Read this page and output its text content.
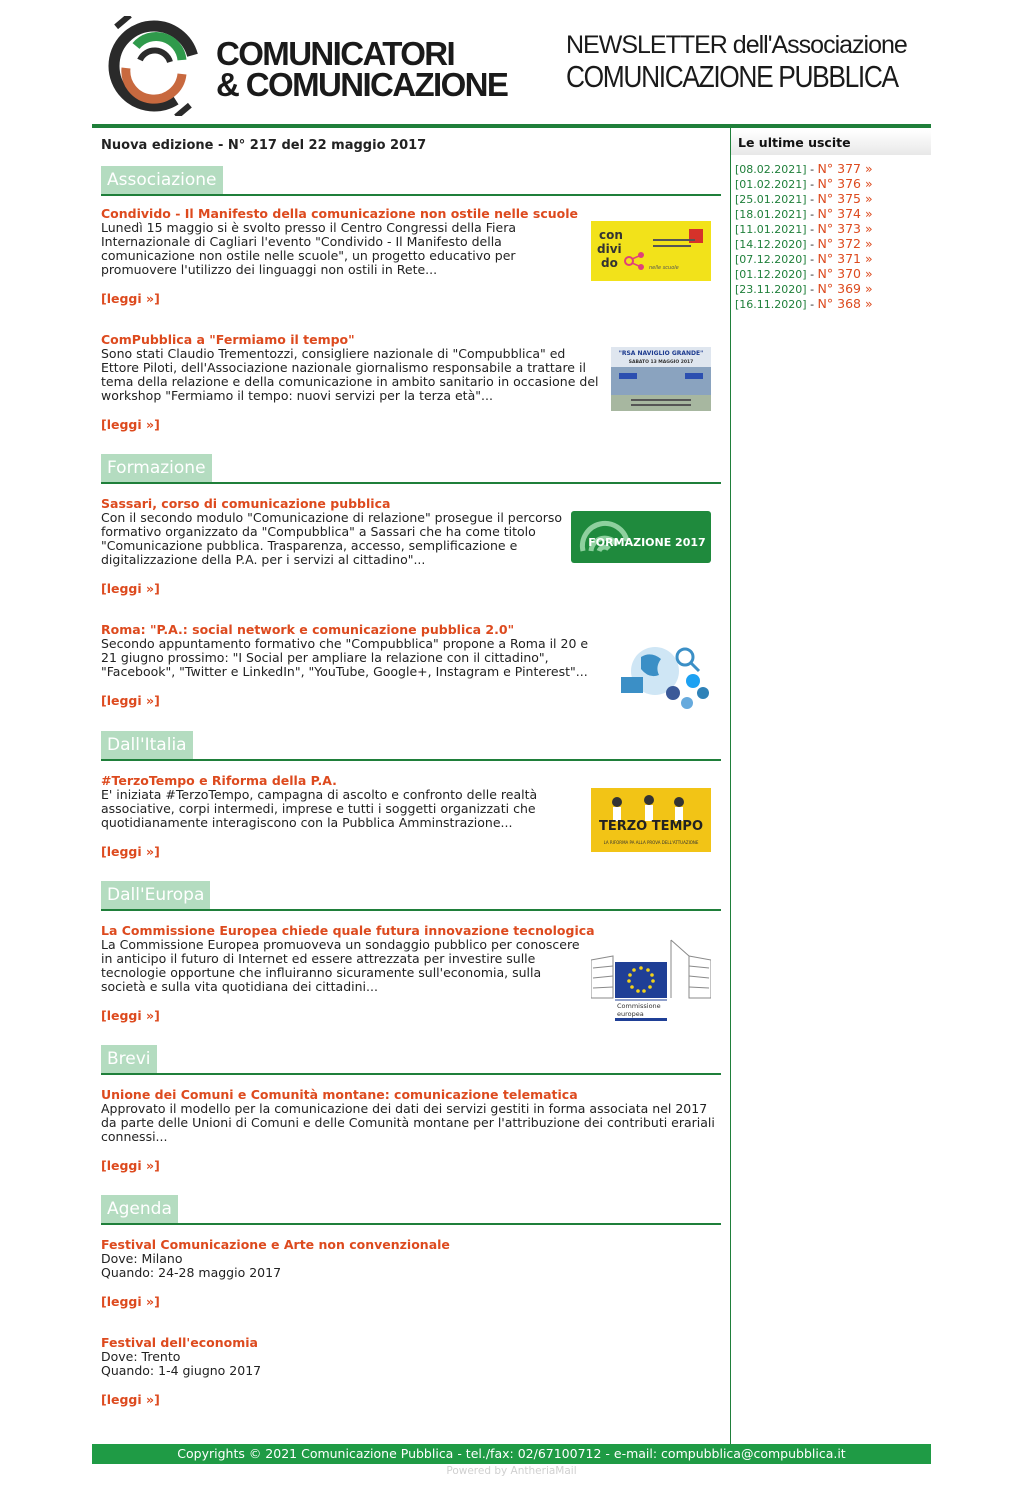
COMUNICATORI
& COMUNICAZIONE
NEWSLETTER dell'Associazione
COMUNICAZIONE PUBBLICA
Nuova edizione - N° 217 del 22 maggio 2017
Associazione
Condivido - Il Manifesto della comunicazione non ostile nelle scuole
Lunedì 15 maggio si è svolto presso il Centro Congressi della Fiera Internazionale di Cagliari l'evento "Condivido - Il Manifesto della comunicazione non ostile nelle scuole", un progetto educativo per promuovere l'utilizzo dei linguaggi non ostili in Rete...
[leggi »]
con
divi
do	nelle scuole
ComPubblica a "Fermiamo il tempo"
Sono stati Claudio Trementozzi, consigliere nazionale di "Compubblica" ed Ettore Piloti, dell'Associazione nazionale giornalismo responsabile a trattare il tema della relazione e della comunicazione in ambito sanitario in occasione del workshop "Fermiamo il tempo: nuovi servizi per la terza età"...
[leggi »]
"RSA NAVIGLIO GRANDE"
SABATO 13 MAGGIO 2017
Formazione
Sassari, corso di comunicazione pubblica
Con il secondo modulo "Comunicazione di relazione" prosegue il percorso formativo organizzato da "Compubblica" a Sassari che ha come titolo "Comunicazione pubblica. Trasparenza, accesso, semplificazione e digitalizzazione della P.A. per i servizi al cittadino"...
[leggi »]
FORMAZIONE 2017
Roma: "P.A.: social network e comunicazione pubblica 2.0"
Secondo appuntamento formativo che "Compubblica" propone a Roma il 20 e 21 giugno prossimo: "I Social per ampliare la relazione con il cittadino", "Facebook", "Twitter e LinkedIn", "YouTube, Google+, Instagram e Pinterest"...
[leggi »]
Dall'Italia
#TerzoTempo e Riforma della P.A.
E' iniziata #TerzoTempo, campagna di ascolto e confronto delle realtà associative, corpi intermedi, imprese e tutti i soggetti organizzati che quotidianamente interagiscono con la Pubblica Amminstrazione...
[leggi »]
TERZO TEMPO
LA RIFORMA PA ALLA PROVA DELL'ATTUAZIONE
Dall'Europa
La Commissione Europea chiede quale futura innovazione tecnologica
La Commissione Europea promuoveva un sondaggio pubblico per conoscere in anticipo il futuro di Internet ed essere attrezzata per investire sulle tecnologie opportune che influiranno sicuramente sull'economia, sulla società e sulla vita quotidiana dei cittadini...
[leggi »]
Commissione
europea
Brevi
Unione dei Comuni e Comunità montane: comunicazione telematica
Approvato il modello per la comunicazione dei dati dei servizi gestiti in forma associata nel 2017 da parte delle Unioni di Comuni e delle Comunità montane per l'attribuzione dei contributi erariali connessi...
[leggi »]
Agenda
Festival Comunicazione e Arte non convenzionale
Dove: Milano
Quando: 24-28 maggio 2017
[leggi »]
Festival dell'economia
Dove: Trento
Quando: 1-4 giugno 2017
[leggi »]
Le ultime uscite
[08.02.2021] - N° 377 »
[01.02.2021] - N° 376 »
[25.01.2021] - N° 375 »
[18.01.2021] - N° 374 »
[11.01.2021] - N° 373 »
[14.12.2020] - N° 372 »
[07.12.2020] - N° 371 »
[01.12.2020] - N° 370 »
[23.11.2020] - N° 369 »
[16.11.2020] - N° 368 »
Copyrights © 2021 Comunicazione Pubblica - tel./fax: 02/67100712 - e-mail: compubblica@compubblica.it
Powered by AntheriaMail
